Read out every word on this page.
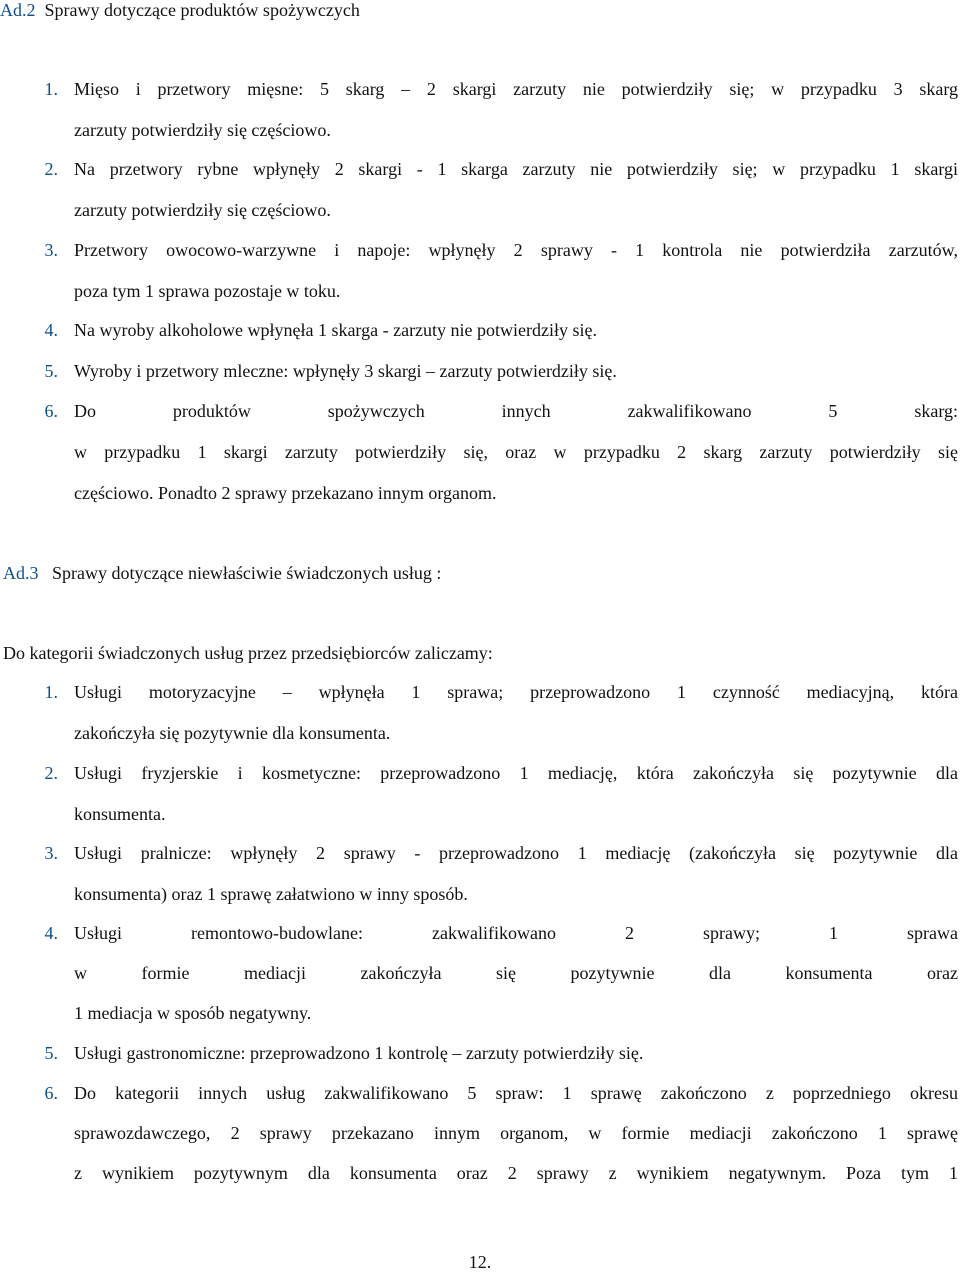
Ad.2 Sprawy dotyczące produktów spożywczych
1. Mięso i przetwory mięsne: 5 skarg – 2 skargi zarzuty nie potwierdziły się; w przypadku 3 skarg
zarzuty potwierdziły się częściowo.
2. Na przetwory rybne wpłynęły 2 skargi - 1 skarga zarzuty nie potwierdziły się; w przypadku 1 skargi
zarzuty potwierdziły się częściowo.
3. Przetwory owocowo-warzywne i napoje: wpłynęły 2 sprawy - 1 kontrola nie potwierdziła zarzutów,
poza tym 1 sprawa pozostaje w toku.
4. Na wyroby alkoholowe wpłynęła 1 skarga - zarzuty nie potwierdziły się.
5. Wyroby i przetwory mleczne: wpłynęły 3 skargi – zarzuty potwierdziły się.
6. Do produktów spożywczych innych zakwalifikowano 5 skarg:
w przypadku 1 skargi zarzuty potwierdziły się, oraz w przypadku 2 skarg zarzuty potwierdziły się
częściowo. Ponadto 2 sprawy przekazano innym organom.
Ad.3 Sprawy dotyczące niewłaściwie świadczonych usług :
Do kategorii świadczonych usług przez przedsiębiorców zaliczamy:
1. Usługi motoryzacyjne – wpłynęła 1 sprawa; przeprowadzono 1 czynność mediacyjną, która
zakończyła się pozytywnie dla konsumenta.
2. Usługi fryzjerskie i kosmetyczne: przeprowadzono 1 mediację, która zakończyła się pozytywnie dla
konsumenta.
3. Usługi pralnicze: wpłynęły 2 sprawy - przeprowadzono 1 mediację (zakończyła się pozytywnie dla
konsumenta) oraz 1 sprawę załatwiono w inny sposób.
4. Usługi remontowo-budowlane: zakwalifikowano 2 sprawy; 1 sprawa
w formie mediacji zakończyła się pozytywnie dla konsumenta oraz
1 mediacja w sposób negatywny.
5. Usługi gastronomiczne: przeprowadzono 1 kontrolę – zarzuty potwierdziły się.
6. Do kategorii innych usług zakwalifikowano 5 spraw: 1 sprawę zakończono z poprzedniego okresu
sprawozdawczego, 2 sprawy przekazano innym organom, w formie mediacji zakończono 1 sprawę
z wynikiem pozytywnym dla konsumenta oraz 2 sprawy z wynikiem negatywnym. Poza tym 1
12.
